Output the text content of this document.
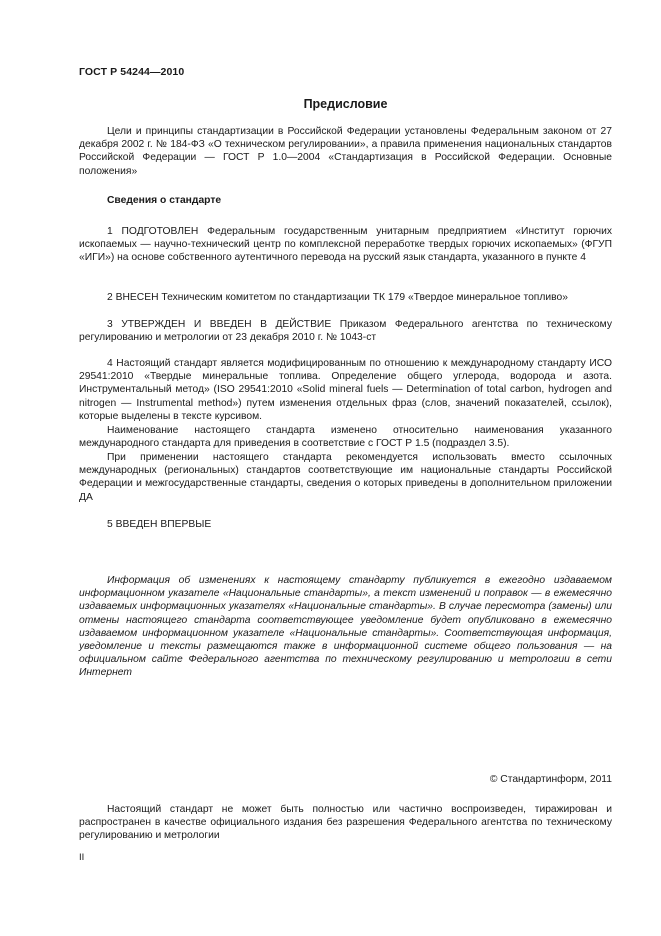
ГОСТ Р 54244—2010
Предисловие

Цели и принципы стандартизации в Российской Федерации установлены Федеральным законом от 27 декабря 2002 г. № 184-ФЗ «О техническом регулировании», а правила применения национальных стандартов Российской Федерации — ГОСТ Р 1.0—2004 «Стандартизация в Российской Федерации. Основные положения»

Сведения о стандарте

1 ПОДГОТОВЛЕН Федеральным государственным унитарным предприятием «Институт горючих ископаемых — научно-технический центр по комплексной переработке твердых горючих ископаемых» (ФГУП «ИГИ») на основе собственного аутентичного перевода на русский язык стандарта, указанного в пункте 4

2 ВНЕСЕН Техническим комитетом по стандартизации ТК 179 «Твердое минеральное топливо»

3 УТВЕРЖДЕН И ВВЕДЕН В ДЕЙСТВИЕ Приказом Федерального агентства по техническому регулированию и метрологии от 23 декабря 2010 г. № 1043-ст

4 Настоящий стандарт является модифицированным по отношению к международному стандарту ИСО 29541:2010 «Твердые минеральные топлива. Определение общего углерода, водорода и азота. Инструментальный метод» (ISO 29541:2010 «Solid mineral fuels — Determination of total carbon, hydrogen and nitrogen — Instrumental method») путем изменения отдельных фраз (слов, значений показателей, ссылок), которые выделены в тексте курсивом.

Наименование настоящего стандарта изменено относительно наименования указанного международного стандарта для приведения в соответствие с ГОСТ Р 1.5 (подраздел 3.5).

При применении настоящего стандарта рекомендуется использовать вместо ссылочных международных (региональных) стандартов соответствующие им национальные стандарты Российской Федерации и межгосударственные стандарты, сведения о которых приведены в дополнительном приложении ДА

5 ВВЕДЕН ВПЕРВЫЕ

Информация об изменениях к настоящему стандарту публикуется в ежегодно издаваемом информационном указателе «Национальные стандарты», а текст изменений и поправок — в ежемесячно издаваемых информационных указателях «Национальные стандарты». В случае пересмотра (замены) или отмены настоящего стандарта соответствующее уведомление будет опубликовано в ежемесячно издаваемом информационном указателе «Национальные стандарты». Соответствующая информация, уведомление и тексты размещаются также в информационной системе общего пользования — на официальном сайте Федерального агентства по техническому регулированию и метрологии в сети Интернет

© Стандартинформ, 2011

Настоящий стандарт не может быть полностью или частично воспроизведен, тиражирован и распространен в качестве официального издания без разрешения Федерального агентства по техническому регулированию и метрологии

II
